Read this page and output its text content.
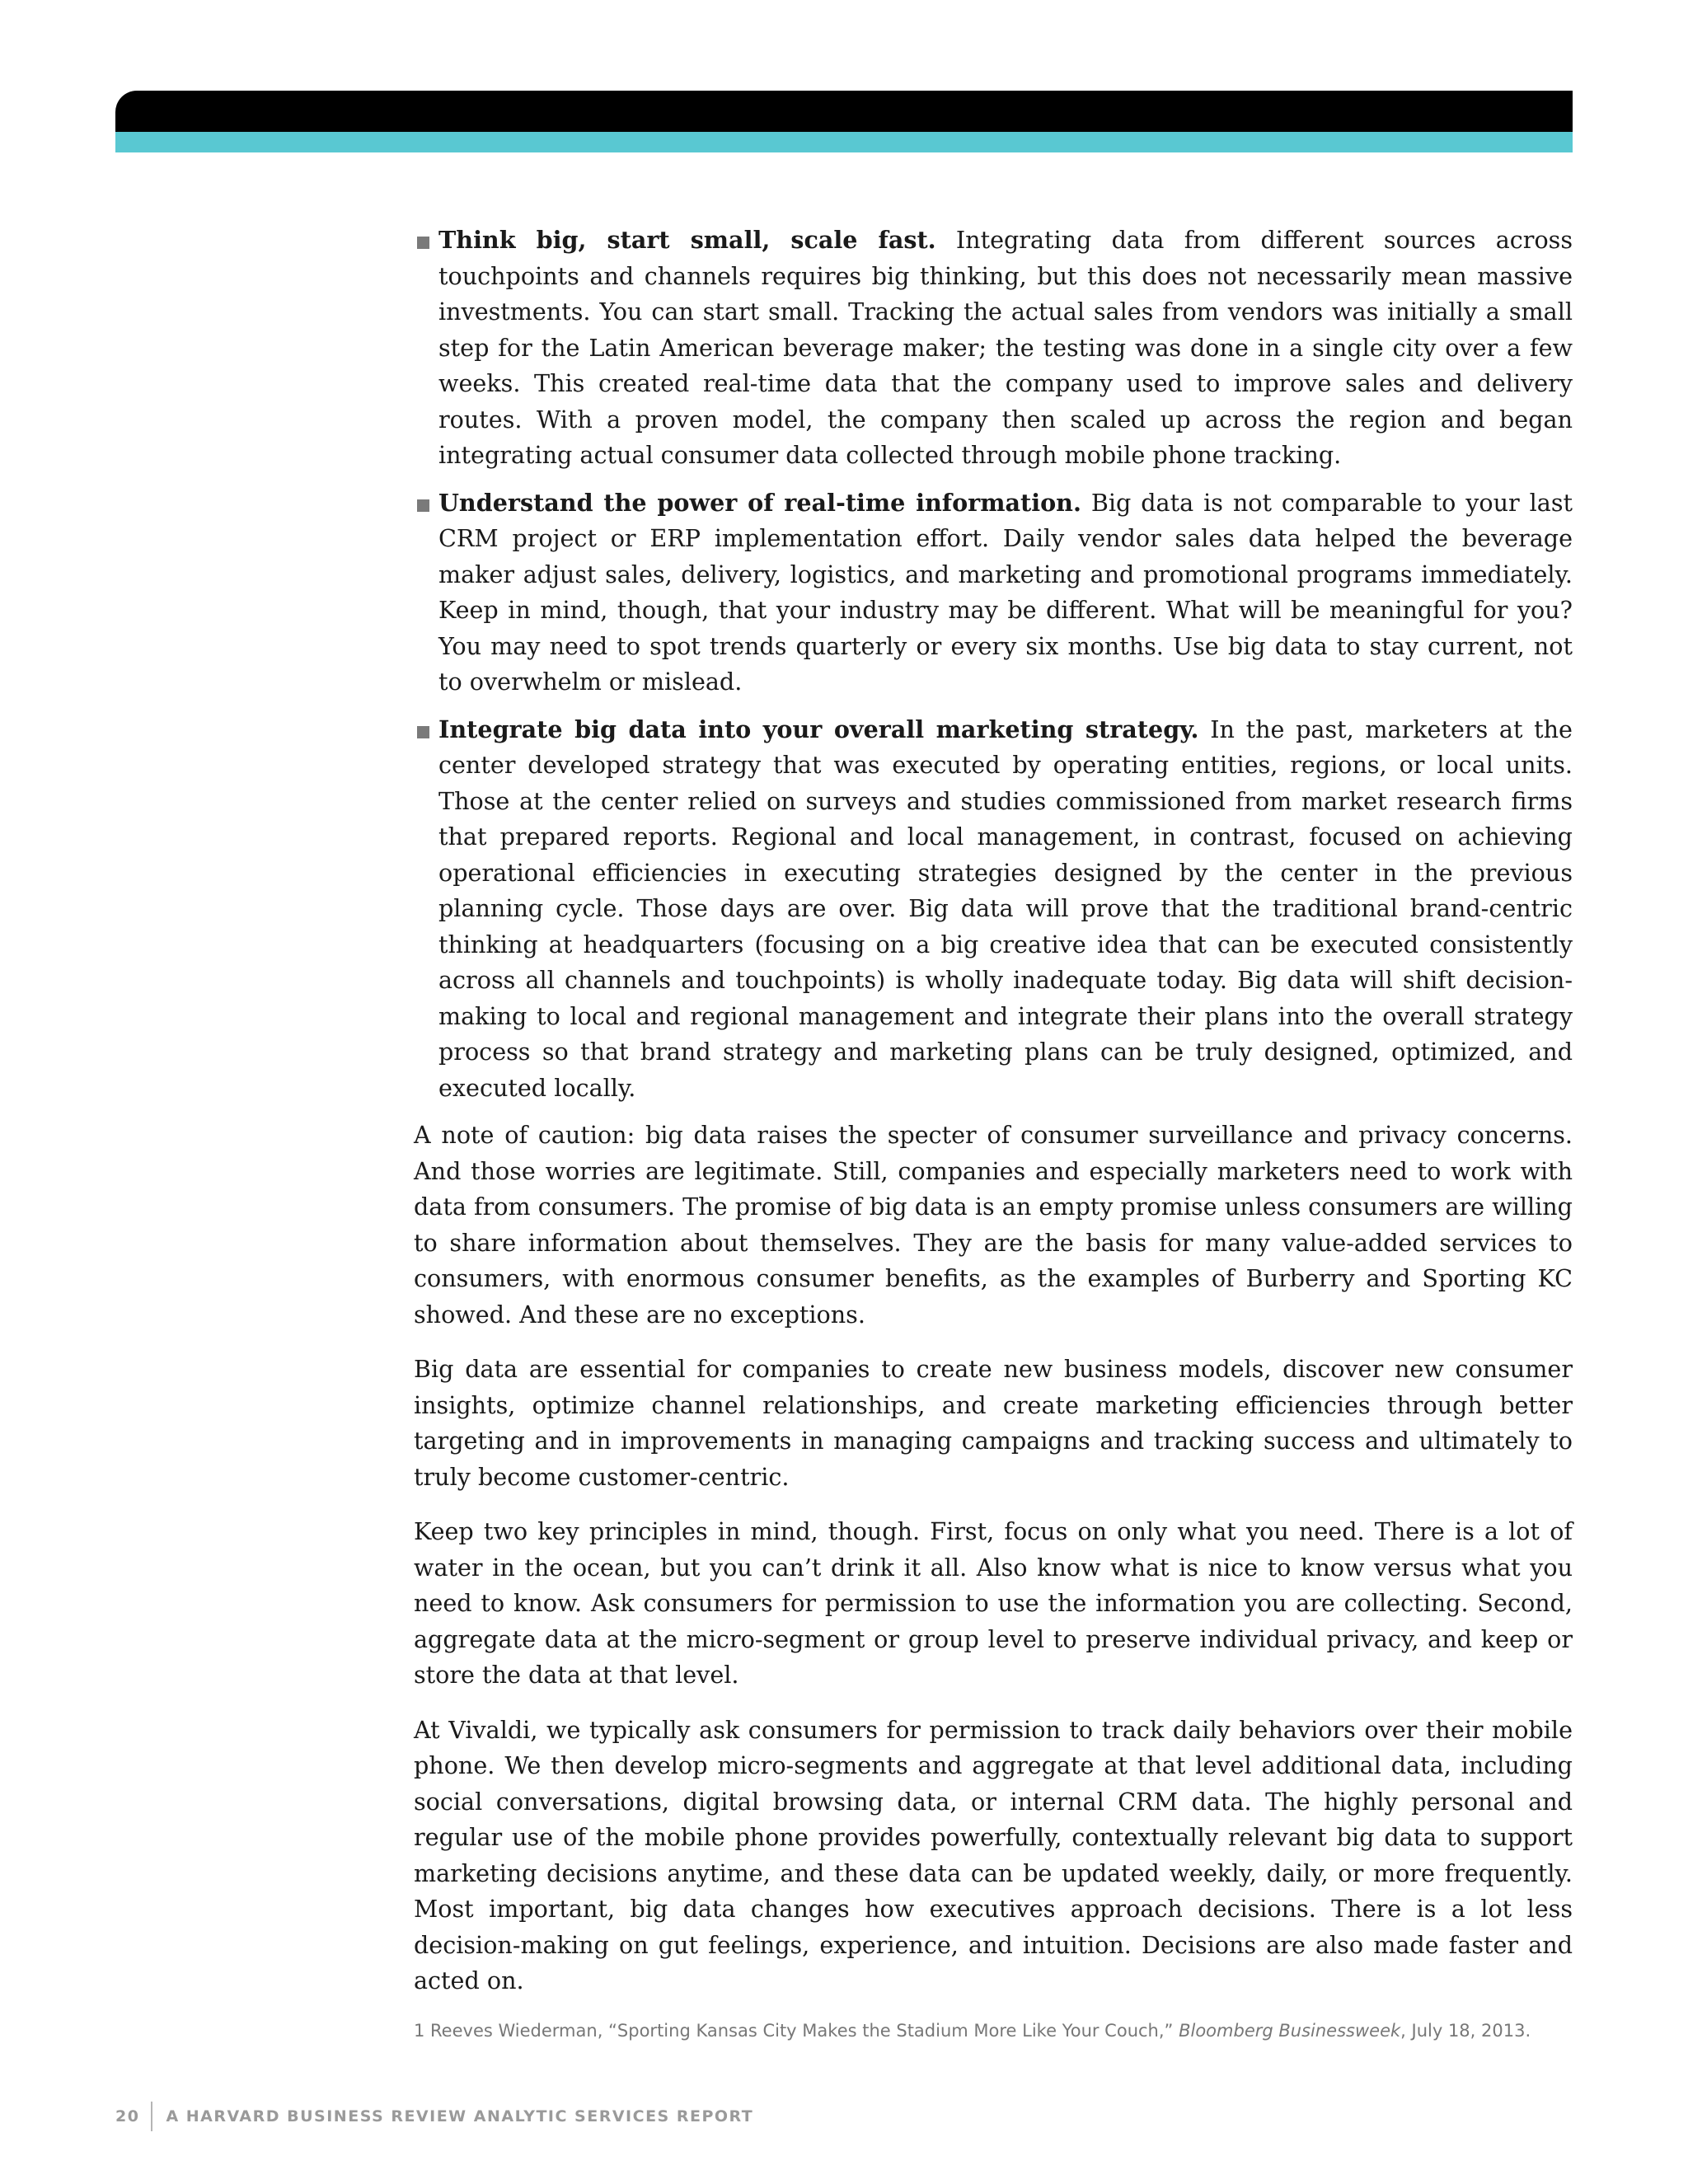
Think big, start small, scale fast. Integrating data from different sources across touchpoints and channels requires big thinking, but this does not necessarily mean massive investments. You can start small. Tracking the actual sales from vendors was initially a small step for the Latin American beverage maker; the testing was done in a single city over a few weeks. This created real-time data that the company used to improve sales and delivery routes. With a proven model, the company then scaled up across the region and began integrating actual consumer data collected through mobile phone tracking.
Understand the power of real-time information. Big data is not comparable to your last CRM project or ERP implementation effort. Daily vendor sales data helped the beverage maker adjust sales, delivery, logistics, and marketing and promotional programs immediately. Keep in mind, though, that your industry may be different. What will be meaningful for you? You may need to spot trends quarterly or every six months. Use big data to stay current, not to overwhelm or mislead.
Integrate big data into your overall marketing strategy. In the past, marketers at the center developed strategy that was executed by operating entities, regions, or local units. Those at the center relied on surveys and studies commissioned from market research firms that prepared reports. Regional and local management, in contrast, focused on achieving operational efficiencies in executing strategies designed by the center in the previous planning cycle. Those days are over. Big data will prove that the traditional brand-centric thinking at headquarters (focusing on a big creative idea that can be executed consistently across all channels and touchpoints) is wholly inadequate today. Big data will shift decision-making to local and regional management and integrate their plans into the overall strategy process so that brand strategy and marketing plans can be truly designed, optimized, and executed locally.

A note of caution: big data raises the specter of consumer surveillance and privacy concerns. And those worries are legitimate. Still, companies and especially marketers need to work with data from consumers. The promise of big data is an empty promise unless consumers are willing to share information about themselves. They are the basis for many value-added services to consumers, with enormous consumer benefits, as the examples of Burberry and Sporting KC showed. And these are no exceptions.

Big data are essential for companies to create new business models, discover new consumer insights, optimize channel relationships, and create marketing efficiencies through better targeting and in improvements in managing campaigns and tracking success and ultimately to truly become customer-centric.

Keep two key principles in mind, though. First, focus on only what you need. There is a lot of water in the ocean, but you can’t drink it all. Also know what is nice to know versus what you need to know. Ask consumers for permission to use the information you are collecting. Second, aggregate data at the micro-segment or group level to preserve individual privacy, and keep or store the data at that level.

At Vivaldi, we typically ask consumers for permission to track daily behaviors over their mobile phone. We then develop micro-segments and aggregate at that level additional data, including social conversations, digital browsing data, or internal CRM data. The highly personal and regular use of the mobile phone provides powerfully, contextually relevant big data to support marketing decisions anytime, and these data can be updated weekly, daily, or more frequently. Most important, big data changes how executives approach decisions. There is a lot less decision-making on gut feelings, experience, and intuition. Decisions are also made faster and acted on.

1 Reeves Wiederman, “Sporting Kansas City Makes the Stadium More Like Your Couch,” Bloomberg Businessweek, July 18, 2013.
20 A HARVARD BUSINESS REVIEW ANALYTIC SERVICES REPORT
